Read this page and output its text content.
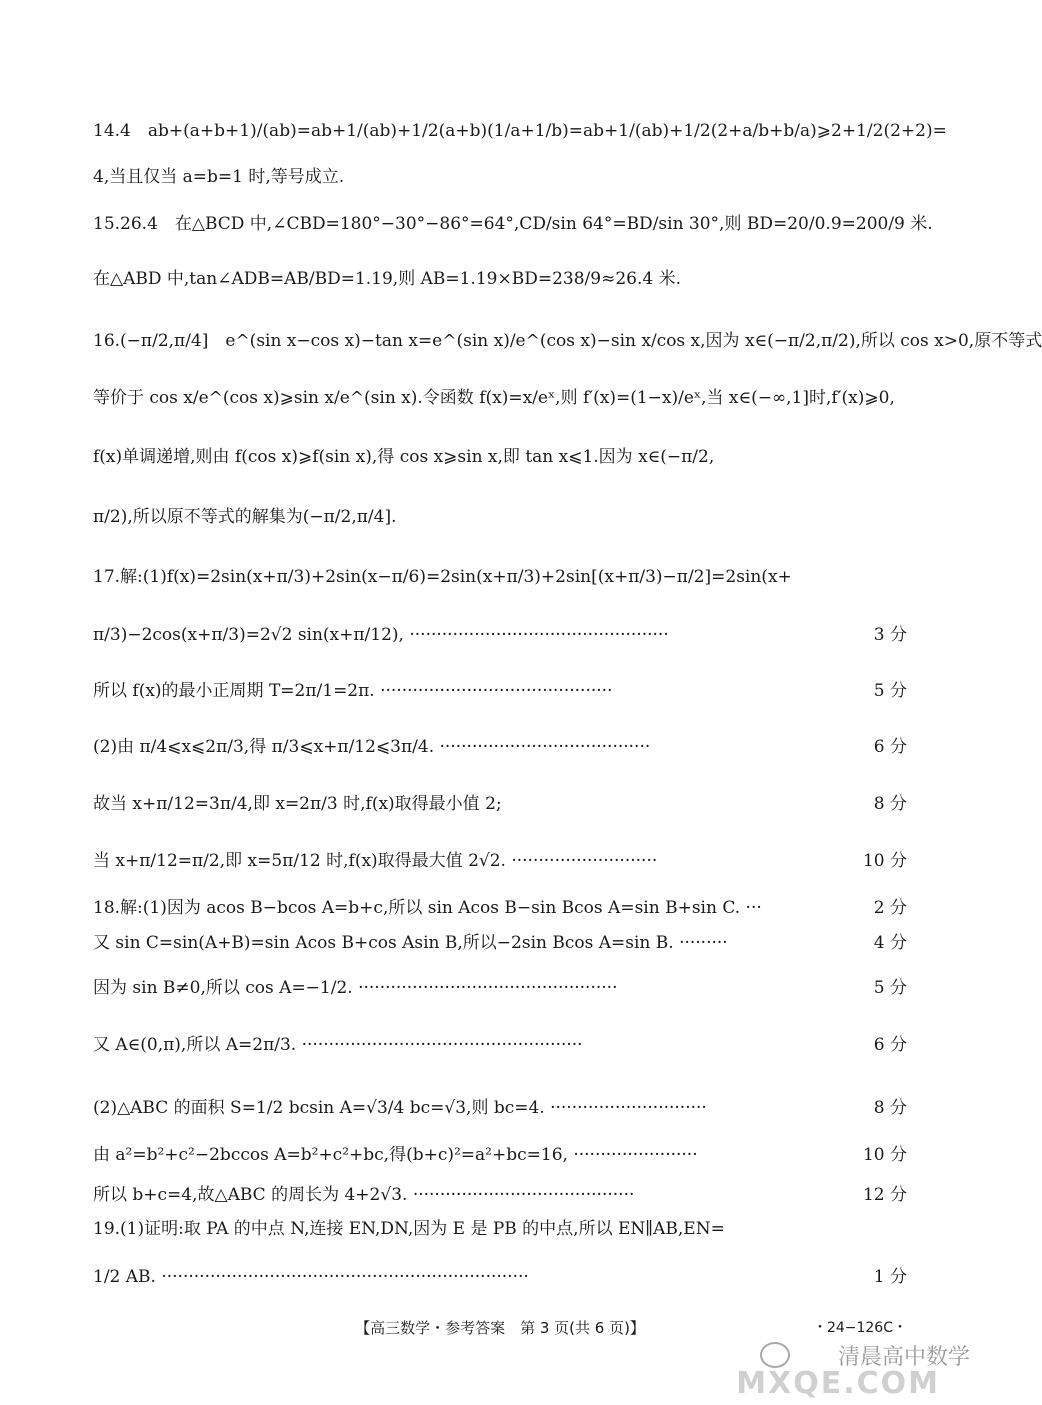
14.4　ab+(a+b+1)/(ab)=ab+1/(ab)+1/2(a+b)(1/a+1/b)=ab+1/(ab)+1/2(2+a/b+b/a)⩾2+1/2(2+2)=
4,当且仅当 a=b=1 时,等号成立.
15.26.4　在△BCD 中,∠CBD=180°−30°−86°=64°,CD/sin 64°=BD/sin 30°,则 BD=20/0.9=200/9 米.
在△ABD 中,tan∠ADB=AB/BD=1.19,则 AB=1.19×BD=238/9≈26.4 米.
16.(−π/2,π/4]　e^(sin x−cos x)−tan x=e^(sin x)/e^(cos x)−sin x/cos x,因为 x∈(−π/2,π/2),所以 cos x>0,原不等式
等价于 cos x/e^(cos x)⩾sin x/e^(sin x).令函数 f(x)=x/eˣ,则 f′(x)=(1−x)/eˣ,当 x∈(−∞,1]时,f′(x)⩾0,
f(x)单调递增,则由 f(cos x)⩾f(sin x),得 cos x⩾sin x,即 tan x⩽1.因为 x∈(−π/2,
π/2),所以原不等式的解集为(−π/2,π/4].
17.解:(1)f(x)=2sin(x+π/3)+2sin(x−π/6)=2sin(x+π/3)+2sin[(x+π/3)−π/2]=2sin(x+
π/3)−2cos(x+π/3)=2√2 sin(x+π/12), ················································	3 分
所以 f(x)的最小正周期 T=2π/1=2π. ···········································	5 分
(2)由 π/4⩽x⩽2π/3,得 π/3⩽x+π/12⩽3π/4. ·······································	6 分
故当 x+π/12=3π/4,即 x=2π/3 时,f(x)取得最小值 2;	8 分
当 x+π/12=π/2,即 x=5π/12 时,f(x)取得最大值 2√2. ···························	10 分
18.解:(1)因为 acos B−bcos A=b+c,所以 sin Acos B−sin Bcos A=sin B+sin C. ···	2 分
又 sin C=sin(A+B)=sin Acos B+cos Asin B,所以−2sin Bcos A=sin B. ·········	4 分
因为 sin B≠0,所以 cos A=−1/2. ················································	5 分
又 A∈(0,π),所以 A=2π/3. ····················································	6 分
(2)△ABC 的面积 S=1/2 bcsin A=√3/4 bc=√3,则 bc=4. ·····························	8 分
由 a²=b²+c²−2bccos A=b²+c²+bc,得(b+c)²=a²+bc=16, ·······················	10 分
所以 b+c=4,故△ABC 的周长为 4+2√3. ·········································	12 分
19.(1)证明:取 PA 的中点 N,连接 EN,DN,因为 E 是 PB 的中点,所以 EN∥AB,EN=
1/2 AB. ····································································	1 分
【高三数学・参考答案　第 3 页(共 6 页)】	・24−126C・
清晨高中数学
MXQE.COM
